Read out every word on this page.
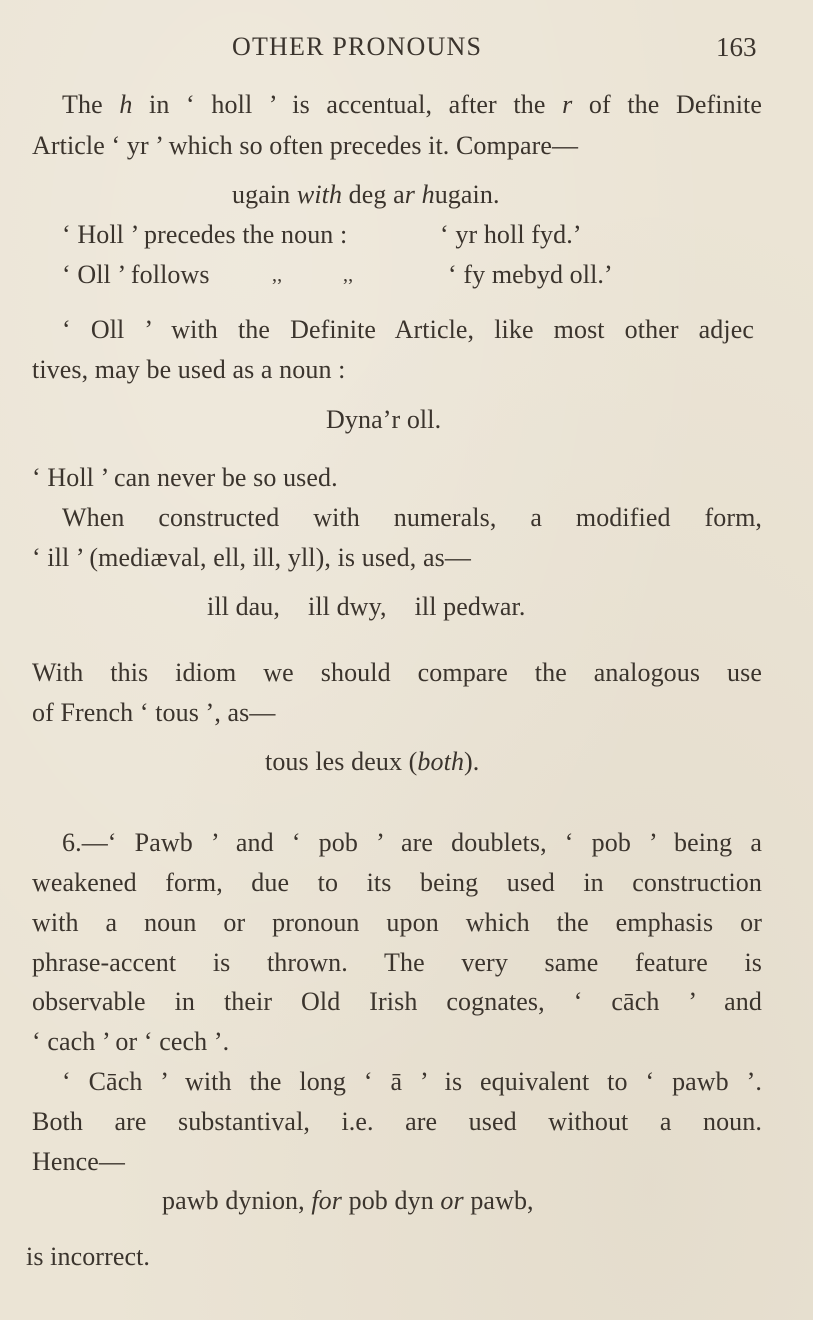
OTHER PRONOUNS	163
The h in ‘ holl ’ is accentual, after the r of the Definite
Article ‘ yr ’ which so often precedes it. Compare—
ugain with deg ar hugain.
‘ Holl ’ precedes the noun :	‘ yr holl fyd.’
‘ Oll ’ follows	,,	,,	‘ fy mebyd oll.’
‘ Oll ’ with the Definite Article, like most other adjec
tives, may be used as a noun :
Dyna’r oll.
‘ Holl ’ can never be so used.
When constructed with numerals, a modified form,
‘ ill ’ (mediæval, ell, ill, yll), is used, as—
ill dau, ill dwy, ill pedwar.
With this idiom we should compare the analogous use
of French ‘ tous ’, as—
tous les deux (both).
6.—‘ Pawb ’ and ‘ pob ’ are doublets, ‘ pob ’ being a
weakened form, due to its being used in construction
with a noun or pronoun upon which the emphasis or
phrase-accent is thrown. The very same feature is
observable in their Old Irish cognates, ‘ cāch ’ and
‘ cach ’ or ‘ cech ’.
‘ Cāch ’ with the long ‘ ā ’ is equivalent to ‘ pawb ’.
Both are substantival, i.e. are used without a noun.
Hence—
pawb dynion, for pob dyn or pawb,
is incorrect.
